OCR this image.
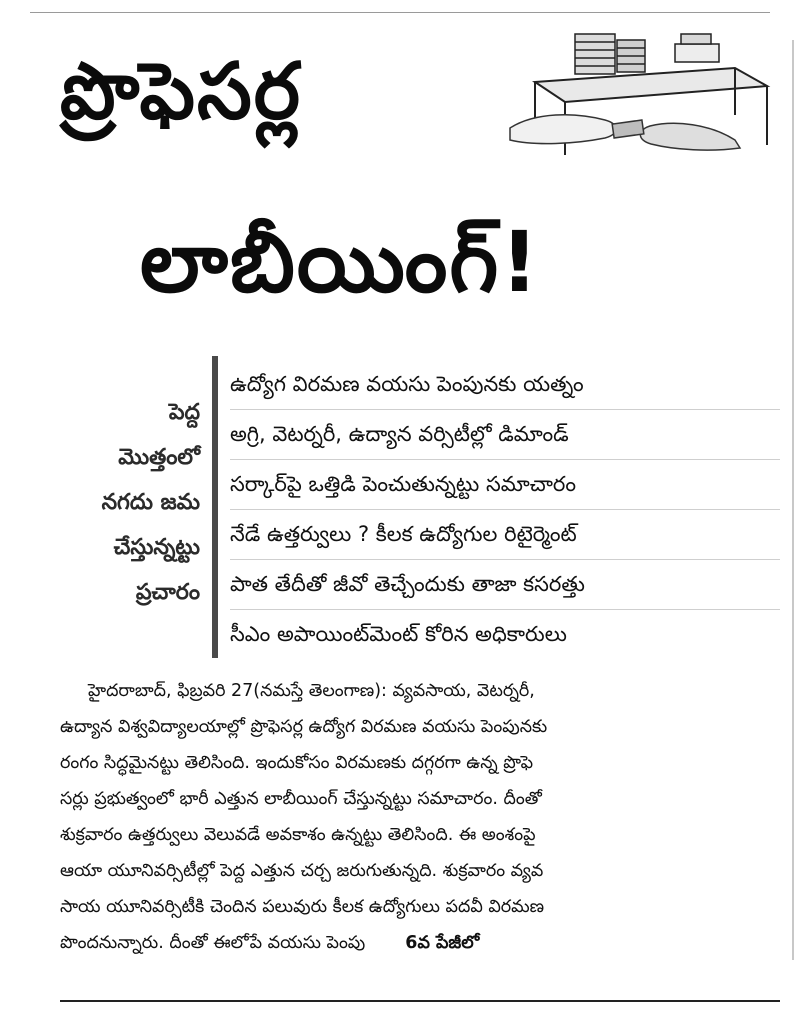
ప్రొఫెసర్ల
లాబీయింగ్!
పెద్ద
మొత్తంలో
నగదు జమ
చేస్తున్నట్టు
ప్రచారం
ఉద్యోగ విరమణ వయసు పెంపునకు యత్నం
అగ్రి, వెటర్నరీ, ఉద్యాన వర్సిటీల్లో డిమాండ్
సర్కార్‌పై ఒత్తిడి పెంచుతున్నట్టు సమాచారం
నేడే ఉత్తర్వులు ? కీలక ఉద్యోగుల రిటైర్మెంట్
పాత తేదీతో జీవో తెచ్చేందుకు తాజా కసరత్తు
సీఎం అపాయింట్‌మెంట్ కోరిన అధికారులు
హైదరాబాద్, ఫిబ్రవరి 27(నమస్తే తెలంగాణ): వ్యవసాయ, వెటర్నరీ,
ఉద్యాన విశ్వవిద్యాలయాల్లో ప్రొఫెసర్ల ఉద్యోగ విరమణ వయసు పెంపునకు
రంగం సిద్ధమైనట్టు తెలిసింది. ఇందుకోసం విరమణకు దగ్గరగా ఉన్న ప్రొఫె
సర్లు ప్రభుత్వంలో భారీ ఎత్తున లాబీయింగ్ చేస్తున్నట్టు సమాచారం. దీంతో
శుక్రవారం ఉత్తర్వులు వెలువడే అవకాశం ఉన్నట్టు తెలిసింది. ఈ అంశంపై
ఆయా యూనివర్సిటీల్లో పెద్ద ఎత్తున చర్చ జరుగుతున్నది. శుక్రవారం వ్యవ
సాయ యూనివర్సిటీకి చెందిన పలువురు కీలక ఉద్యోగులు పదవీ విరమణ
పొందనున్నారు. దీంతో ఈలోపే వయసు పెంపు 6వ పేజీలో
